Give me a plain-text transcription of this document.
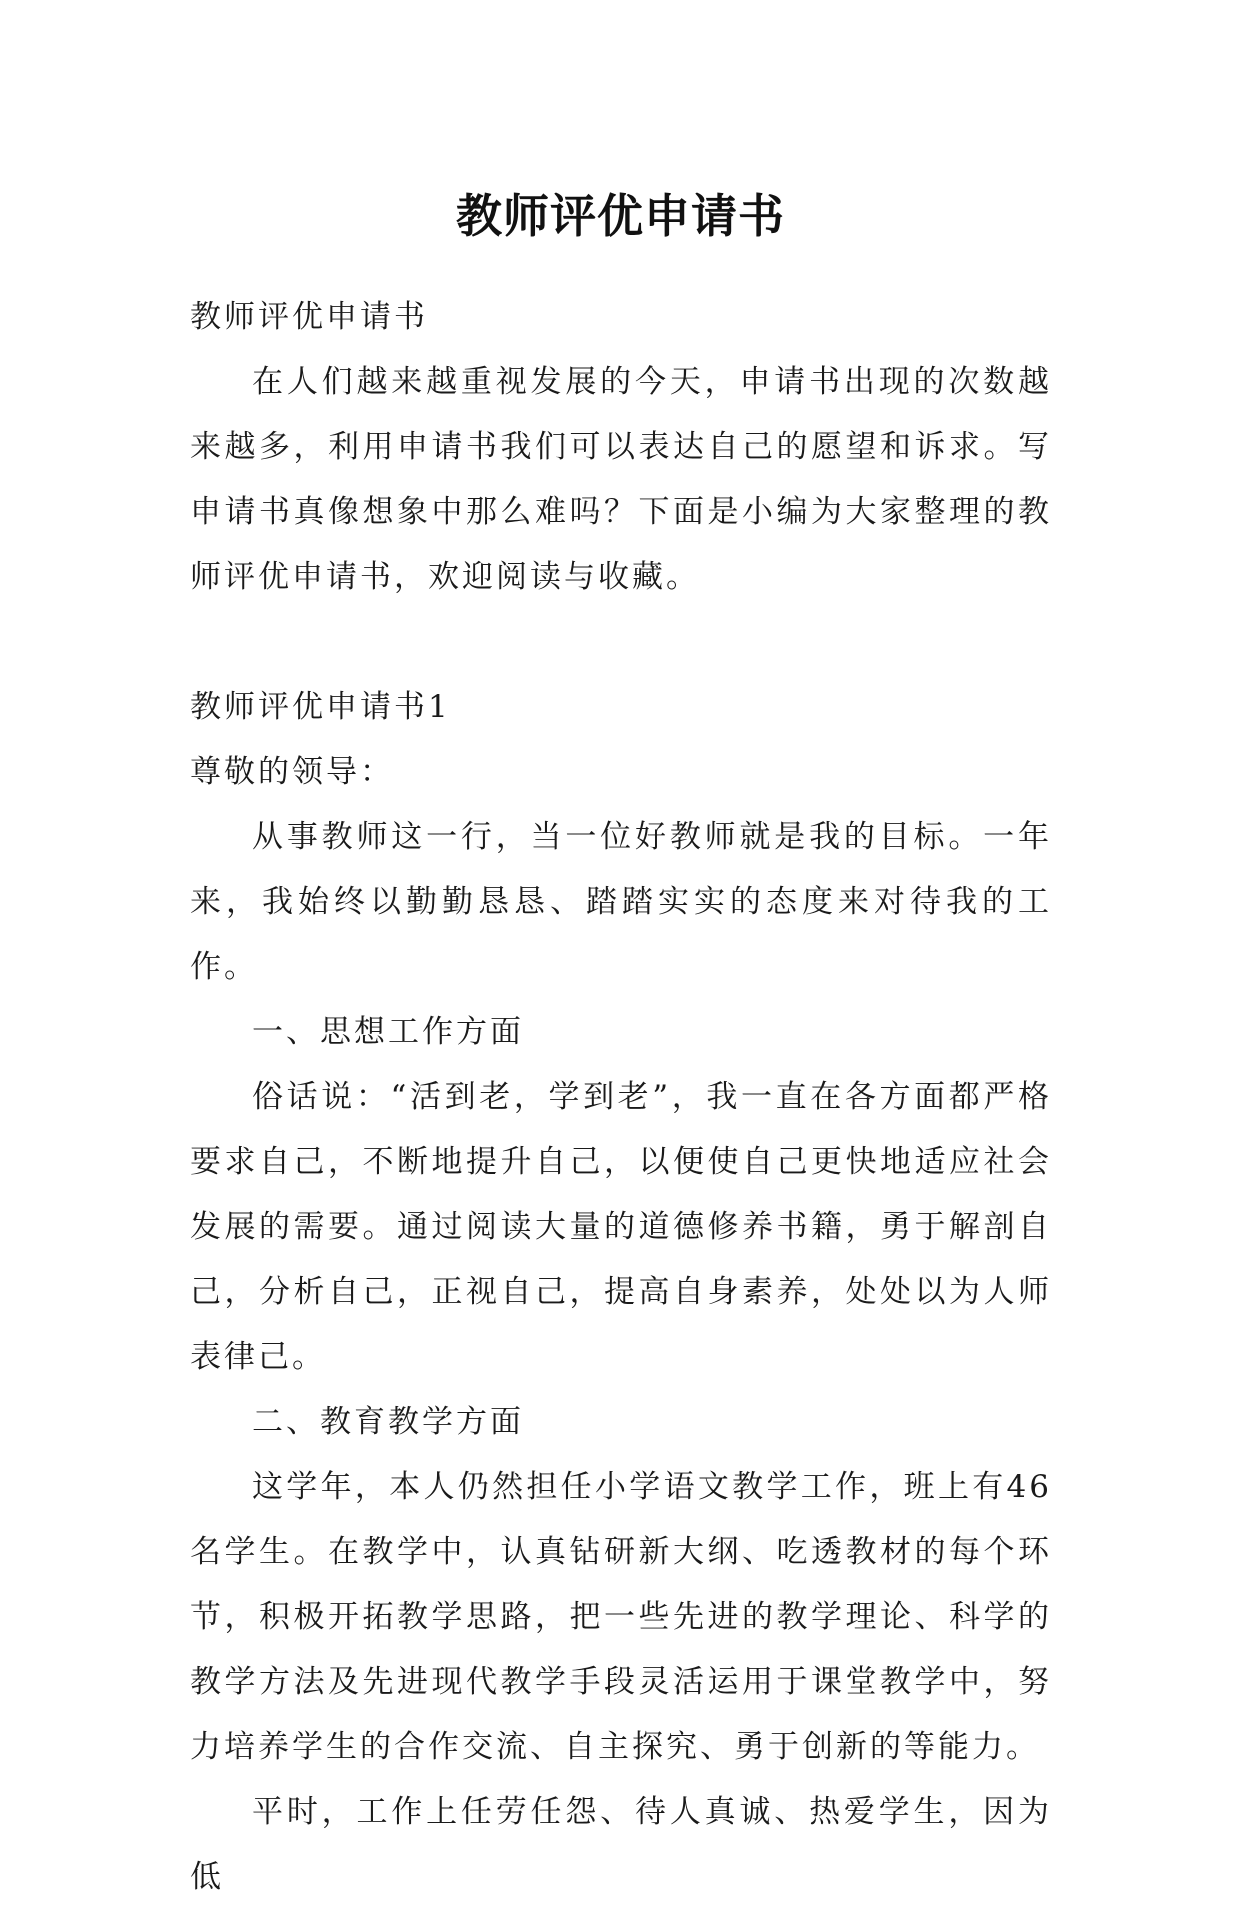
教师评优申请书

教师评优申请书

在人们越来越重视发展的今天，申请书出现的次数越来越多，利用申请书我们可以表达自己的愿望和诉求。写申请书真像想象中那么难吗？下面是小编为大家整理的教师评优申请书，欢迎阅读与收藏。

教师评优申请书1

尊敬的领导：

从事教师这一行，当一位好教师就是我的目标。一年来，我始终以勤勤恳恳、踏踏实实的态度来对待我的工作。

一、思想工作方面

俗话说：“活到老，学到老”，我一直在各方面都严格要求自己，不断地提升自己，以便使自己更快地适应社会发展的需要。通过阅读大量的道德修养书籍，勇于解剖自己，分析自己，正视自己，提高自身素养，处处以为人师表律己。

二、教育教学方面

这学年，本人仍然担任小学语文教学工作，班上有46名学生。在教学中，认真钻研新大纲、吃透教材的每个环节，积极开拓教学思路，把一些先进的教学理论、科学的教学方法及先进现代教学手段灵活运用于课堂教学中，努力培养学生的合作交流、自主探究、勇于创新的等能力。

平时，工作上任劳任怨、待人真诚、热爱学生，因为低
